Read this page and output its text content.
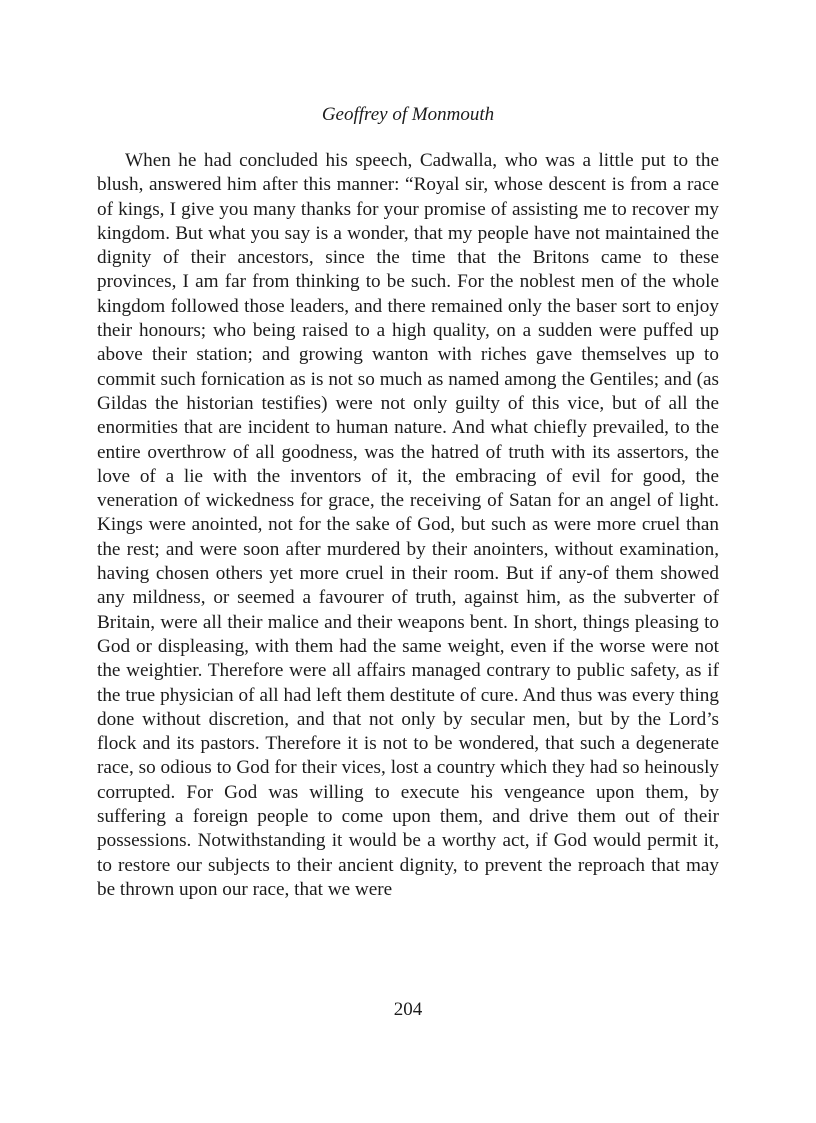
Geoffrey of Monmouth

When he had concluded his speech, Cadwalla, who was a little put to the blush, answered him after this manner: “Royal sir, whose descent is from a race of kings, I give you many thanks for your promise of assisting me to recover my kingdom. But what you say is a wonder, that my people have not maintained the dignity of their ancestors, since the time that the Britons came to these provinces, I am far from thinking to be such. For the noblest men of the whole kingdom followed those leaders, and there remained only the baser sort to enjoy their honours; who being raised to a high quality, on a sudden were puffed up above their station; and growing wanton with riches gave themselves up to commit such fornication as is not so much as named among the Gentiles; and (as Gildas the historian testifies) were not only guilty of this vice, but of all the enormities that are incident to human nature. And what chiefly prevailed, to the entire overthrow of all goodness, was the hatred of truth with its assertors, the love of a lie with the inventors of it, the embracing of evil for good, the veneration of wickedness for grace, the receiving of Satan for an angel of light. Kings were anointed, not for the sake of God, but such as were more cruel than the rest; and were soon after murdered by their anointers, without examination, having chosen others yet more cruel in their room. But if any-of them showed any mildness, or seemed a favourer of truth, against him, as the subverter of Britain, were all their malice and their weapons bent. In short, things pleasing to God or displeasing, with them had the same weight, even if the worse were not the weightier. Therefore were all affairs managed contrary to public safety, as if the true physician of all had left them destitute of cure. And thus was every thing done without discretion, and that not only by secular men, but by the Lord’s flock and its pastors. Therefore it is not to be wondered, that such a degenerate race, so odious to God for their vices, lost a country which they had so heinously corrupted. For God was willing to execute his vengeance upon them, by suffering a foreign people to come upon them, and drive them out of their possessions. Notwithstanding it would be a worthy act, if God would permit it, to restore our subjects to their ancient dignity, to prevent the reproach that may be thrown upon our race, that we were

204
